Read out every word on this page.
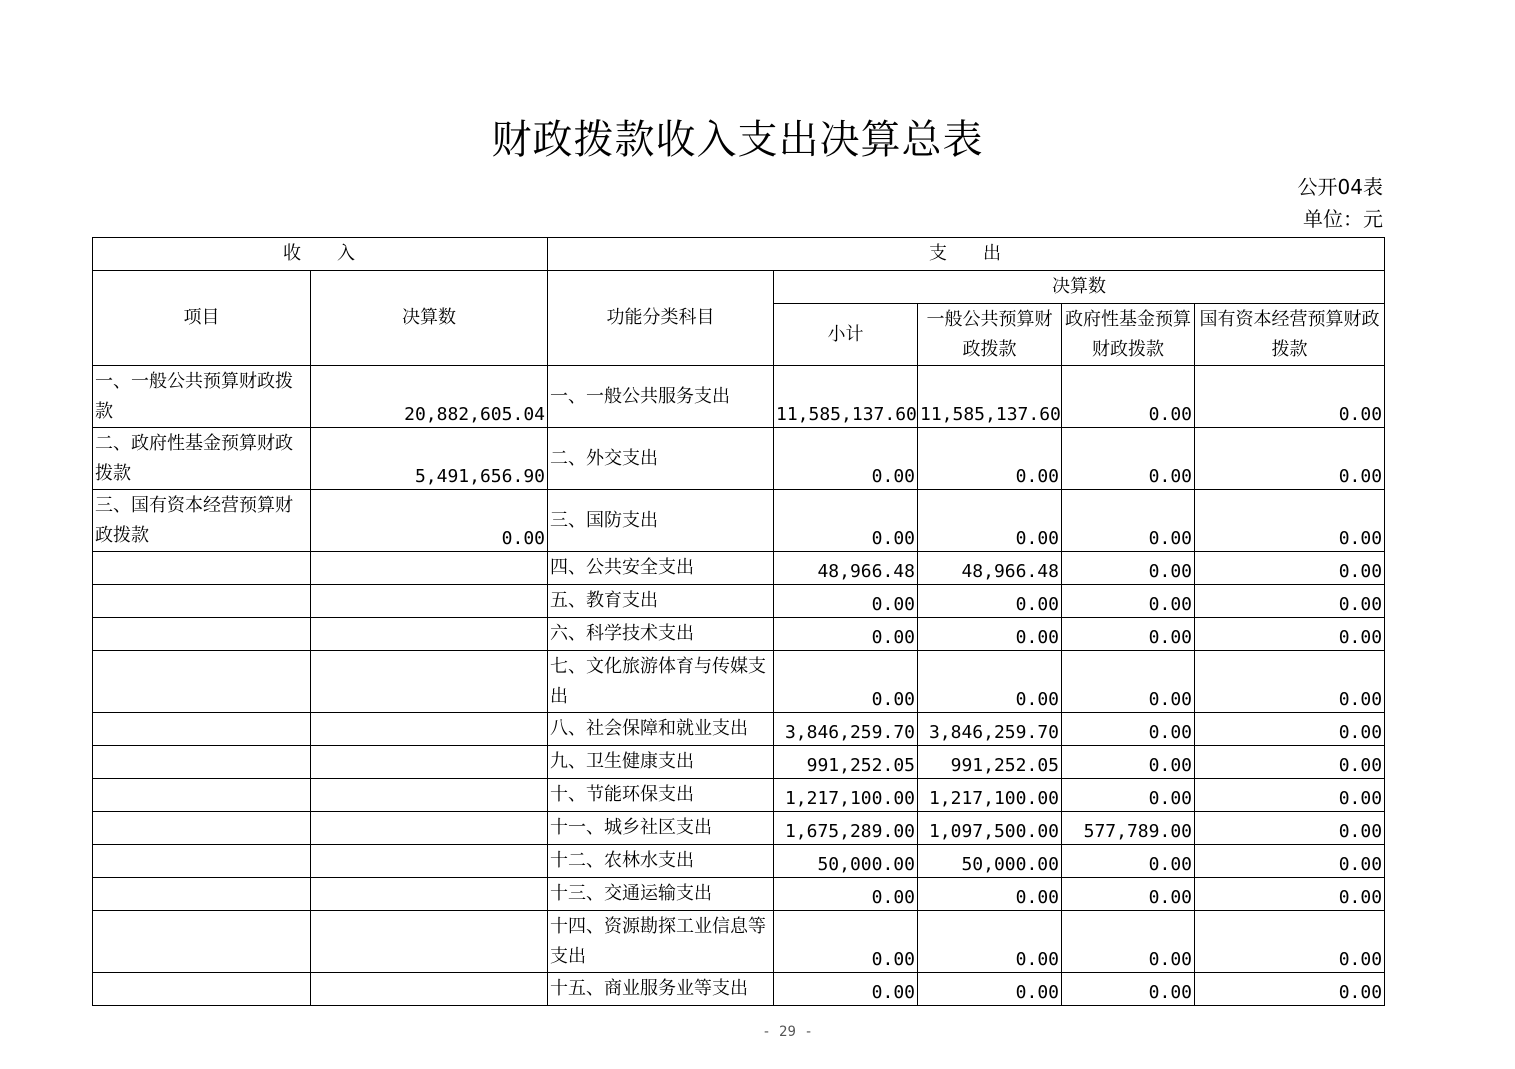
财政拨款收入支出决算总表
公开04表
单位：元
收入		支出				
项目	决算数	功能分类科目	决算数			
			小计	一般公共预算财政拨款	政府性基金预算财政拨款	国有资本经营预算财政拨款
一、一般公共预算财政拨款	20,882,605.04	一、一般公共服务支出	11,585,137.60	11,585,137.60	0.00	0.00
二、政府性基金预算财政拨款	5,491,656.90	二、外交支出	0.00	0.00	0.00	0.00
三、国有资本经营预算财政拨款	0.00	三、国防支出	0.00	0.00	0.00	0.00
		四、公共安全支出	48,966.48	48,966.48	0.00	0.00
		五、教育支出	0.00	0.00	0.00	0.00
		六、科学技术支出	0.00	0.00	0.00	0.00
		七、文化旅游体育与传媒支出	0.00	0.00	0.00	0.00
		八、社会保障和就业支出	3,846,259.70	3,846,259.70	0.00	0.00
		九、卫生健康支出	991,252.05	991,252.05	0.00	0.00
		十、节能环保支出	1,217,100.00	1,217,100.00	0.00	0.00
		十一、城乡社区支出	1,675,289.00	1,097,500.00	577,789.00	0.00
		十二、农林水支出	50,000.00	50,000.00	0.00	0.00
		十三、交通运输支出	0.00	0.00	0.00	0.00
		十四、资源勘探工业信息等支出	0.00	0.00	0.00	0.00
		十五、商业服务业等支出	0.00	0.00	0.00	0.00
- 29 -
